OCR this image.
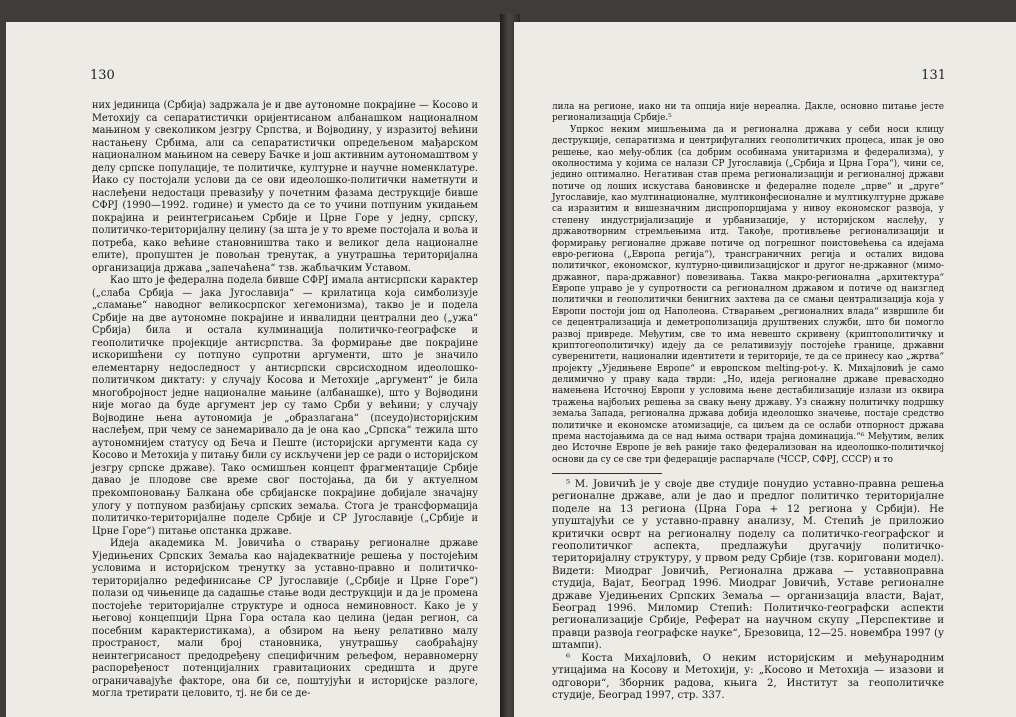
130

них јединица (Србија) задржала је и две аутономне покрајине — Косово и Метохију са сепаратистички оријентисаном албанашком националном мањином у свеколиком језгру Српства, и Војводину, у изразитој већини настањену Србима, али са сепаратистички опредељеном мађарском националном мањином на северу Бачке и још активним аутономаштвом у делу српске популације, те политичке, културне и научне номенклатуре. Иако су постојали услови да се ови идеолошко-политички наметнути и наслеђени недостаци превазиђу у почетним фазама деструкције бивше СФРЈ (1990—1992. године) и уместо да се то учини потпуним укидањем покрајина и реинтегрисањем Србије и Црне Горе у једну, српску, политичко-територијалну целину (за шта је у то време постојала и воља и потреба, како већине становништва тако и великог дела националне елите), пропуштен је повољан тренутак, а унутрашња територијална организација држава „запечаћена“ тзв. жабљачким Уставом.

Као што је федерална подела бивше СФРЈ имала антисрпски карактер („слаба Србија — јака Југославија“ — крилатица која симболизује „сламање“ наводног великосрпског хегемонизма), такво је и подела Србије на две аутономне покрајине и инвалидни централни део („ужа“ Србија) била и остала кулминација политичко-географске и геополитичке пројекције антисрпства. За формирање две покрајине искоришћени су потпуно супротни аргументи, што је значило елементарну недоследност у антисрпски сврсисходном идеолошко-политичком диктату: у случају Косова и Метохије „аргумент“ је била многобројност једне националне мањине (албанашке), што у Војводини није могао да буде аргумент јер су тамо Срби у већини; у случају Војводине њена аутономија је „образлагана“ (псеудо)историјским наслеђем, при чему се занемаривало да је она као „Српска“ тежила што аутономнијем статусу од Беча и Пеште (историјски аргументи када су Косово и Метохија у питању били су искључени јер се ради о историјском језгру српске државе). Тако осмишљен концепт фрагментације Србије давао је плодове све време свог постојања, да би у актуелном прекомпоновању Балкана обе србијанске покрајине добијале значајну улогу у потпуном разбијању српских земаља. Стога је трансформација политичко-територијалне поделе Србије и СР Југославије („Србије и Црне Горе“) питање опстанка државе.

Идеја академика М. Јовичића о стварању регионалне државе Уједињених Српских Земаља као најадекватније решења у постојећим условима и историјском тренутку за уставно-правно и политичко-територијално редефинисање СР Југославије („Србије и Црне Горе“) полази од чињенице да садашње стање води деструкцији и да је промена постојеће територијалне структуре и односа неминовност. Како је у његовој концепцији Црна Гора остала као целина (један регион, са посебним карактеристикама), а обзиром на њену релативно малу пространост, мали број становника, унутрашњу саобраћајну неинтегрисаност предодређену специфичним рељефом, неравномерну распоређеност потенцијалних гравитационих средишта и друге ограничавајуће факторе, она би се, поштујући и историјске разлоге, могла третирати целовито, тј. не би се де-

131

лила на регионе, иако ни та опција није нереална. Дакле, основно питање јесте регионализација Србије.⁵

Упркос неким мишљењима да и регионална држава у себи носи клицу деструкције, сепаратизма и центрифугалних геополитичких процеса, ипак је ово решење, као међу-облик (са добрим особинама унитаризма и федерализма), у околностима у којима се налази СР Југославија („Србија и Црна Гора“), чини се, једино оптимално. Негативан став према регионализацији и регионалној држави потиче од лоших искустава бановинске и федералне поделе „прве“ и „друге“ Југославије, као мултинационалне, мултиконфесионалне и мултикултурне државе са изразитим и вишезначним диспропорцијама у нивоу економског развоја, у степену индустријализације и урбанизације, у историјском наслеђу, у државотворним стремљењима итд. Такође, противљење регионализацији и формирању регионалне државе потиче од погрешног поистовећења са идејама евро-региона („Европа регија“), трансграничних регија и осталих видова политичког, економског, културно-цивилизацијског и другог не-државног (мимо-државног, пара-државног) повезивања. Таква макро-регионална „архитектура“ Европе управо је у супротности са регионалном државом и потиче од наизглед политички и геополитички бенигних захтева да се смањи централизација која у Европи постоји још од Наполеона. Стварањем „регионалних влада“ извршиле би се децентрализација и деметрополизација друштвених служби, што би помогло развој привреде. Међутим, све то има невешто скривену (криптополитичку и криптогеополитичку) идеју да се релативизују постојеће границе, државни суверенитети, национални идентитети и територије, те да се принесу као „жртва“ пројекту „Уједињене Европе“ и европском melting-pot-у. К. Михајловић је само делимично у праву када тврди: „Но, идеја регионалне државе превасходно намењена Источној Европи у условима њене дестабилизације излази из оквира тражења најбољих решења за сваку њену државу. Уз снажну политичку подршку земаља Запада, регионална држава добија идеолошко значење, постаје средство политичке и економске атомизације, са циљем да се ослаби отпорност држава према настојањима да се над њима оствари трајна доминација.“⁶ Међутим, велик део Источне Европе је већ раније тако федерализован на идеолошко-политичкој основи да су се све три федерације распарчале (ЧССР, СФРЈ, СССР) и то

⁵ М. Јовичић је у своје две студије понудио уставно-правна решења регионалне државе, али је дао и предлог политичко територијалне поделе на 13 региона (Црна Гора + 12 региона у Србији). Не упуштајући се у уставно-правну анализу, М. Степић је приложио критички осврт на регионалну поделу са политичко-географског и геополитичког аспекта, предлажући другачију политичко-територијалну структуру, у првом реду Србије (тзв. кориговани модел). Видети: Миодраг Јовичић, Регионална држава — уставноправна студија, Вајат, Београд 1996. Миодраг Јовичић, Уставе регионалне државе Уједињених Српских Земаља — организација власти, Вајат, Београд 1996. Миломир Степић: Политичко-географски аспекти регионализације Србије, Реферат на научном скупу „Перспективе и правци развоја географске науке“, Брезовица, 12—25. новембра 1997 (у штампи).

⁶ Коста Михајловић, О неким историјским и међународним утицајима на Косову и Метохији, у: „Косово и Метохија — изазови и одговори“, Зборник радова, књига 2, Институт за геополитичке студије, Београд 1997, стр. 337.
